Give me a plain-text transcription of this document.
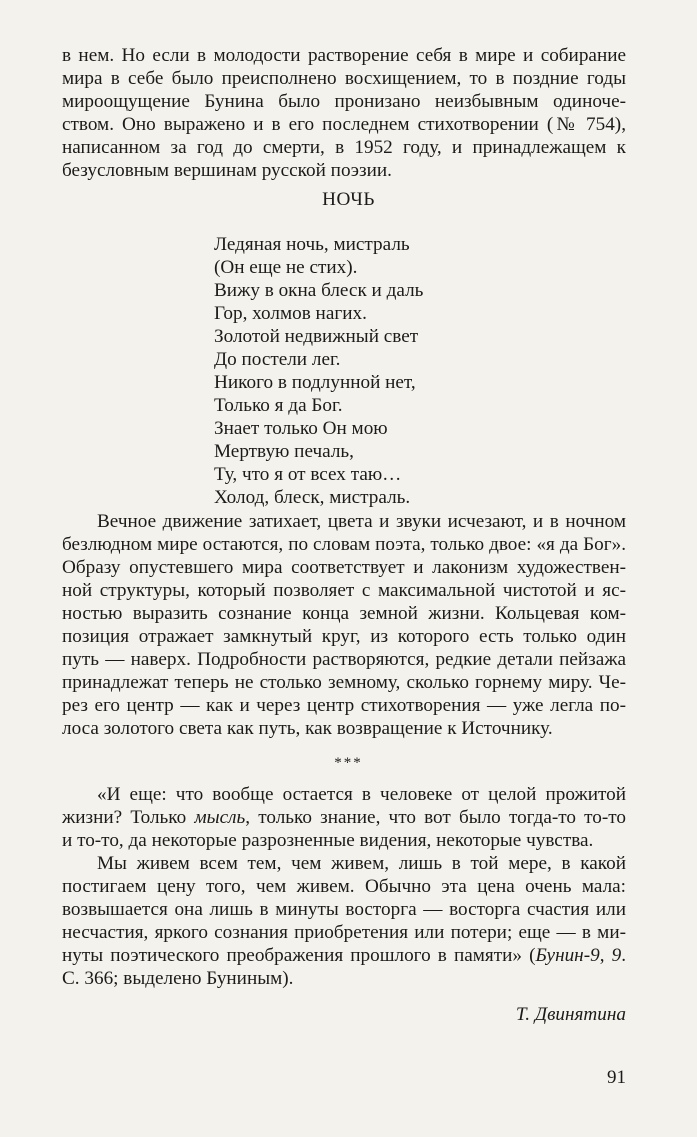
в нем. Но если в молодости растворение себя в мире и собирание
мира в себе было преисполнено восхищением, то в поздние годы
мироощущение Бунина было пронизано неизбывным одиноче-
ством. Оно выражено и в его последнем стихотворении (№ 754),
написанном за год до смерти, в 1952 году, и принадлежащем к
безусловным вершинам русской поэзии.
НОЧЬ
Ледяная ночь, мистраль
(Он еще не стих).
Вижу в окна блеск и даль
Гор, холмов нагих.
Золотой недвижный свет
До постели лег.
Никого в подлунной нет,
Только я да Бог.
Знает только Он мою
Мертвую печаль,
Ту, что я от всех таю…
Холод, блеск, мистраль.
Вечное движение затихает, цвета и звуки исчезают, и в ночном
безлюдном мире остаются, по словам поэта, только двое: «я да Бог».
Образу опустевшего мира соответствует и лаконизм художествен-
ной структуры, который позволяет с максимальной чистотой и яс-
ностью выразить сознание конца земной жизни. Кольцевая ком-
позиция отражает замкнутый круг, из которого есть только один
путь — наверх. Подробности растворяются, редкие детали пейзажа
принадлежат теперь не столько земному, сколько горнему миру. Че-
рез его центр — как и через центр стихотворения — уже легла по-
лоса золотого света как путь, как возвращение к Источнику.
***
«И еще: что вообще остается в человеке от целой прожитой
жизни? Только мысль, только знание, что вот было тогда-то то-то
и то-то, да некоторые разрозненные видения, некоторые чувства.
Мы живем всем тем, чем живем, лишь в той мере, в какой
постигаем цену того, чем живем. Обычно эта цена очень мала:
возвышается она лишь в минуты восторга — восторга счастия или
несчастия, яркого сознания приобретения или потери; еще — в ми-
нуты поэтического преображения прошлого в памяти» (Бунин-9, 9.
С. 366; выделено Буниным).
Т. Двинятина
91
